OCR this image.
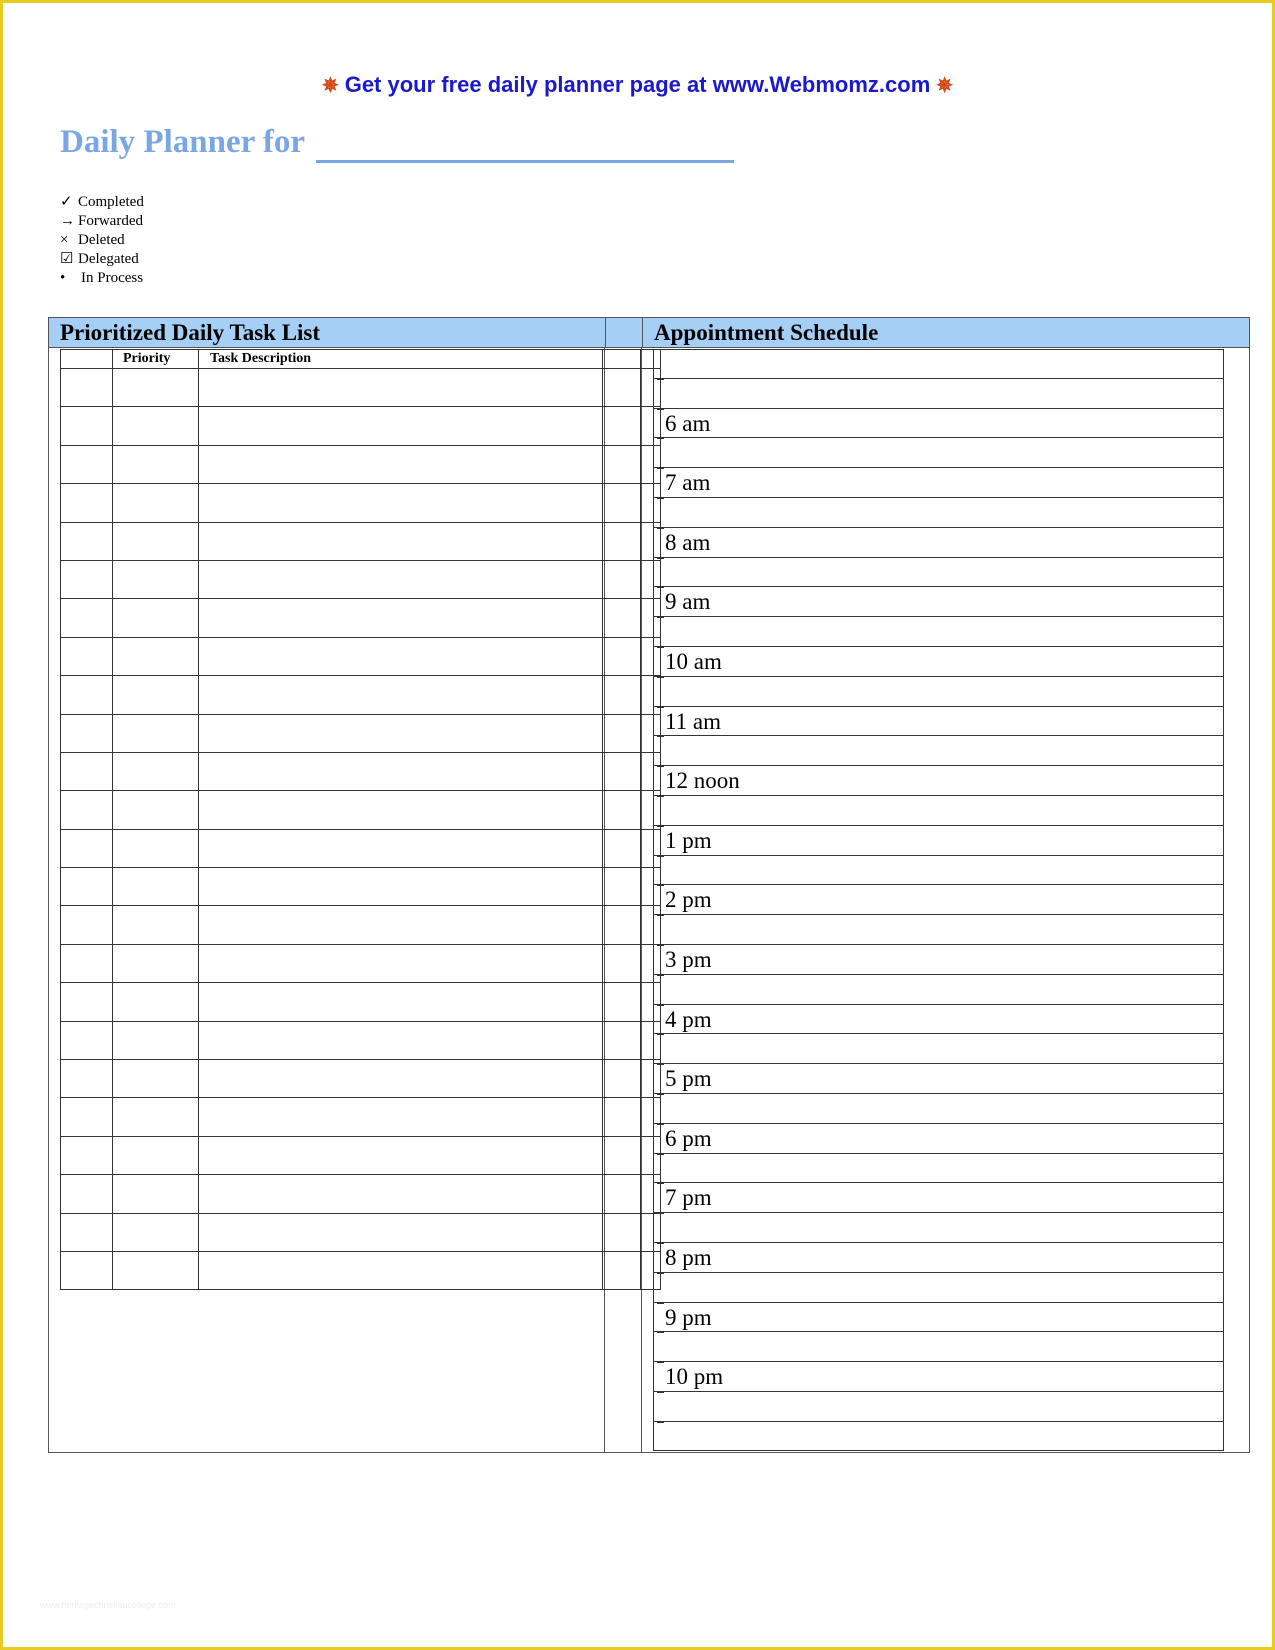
✵ Get your free daily planner page at www.Webmomz.com ✵
Daily Planner for
✓ Completed
→ Forwarded
× Deleted
☑ Delegated
• In Process
Prioritized Daily Task List	Appointment Schedule
	Priority	Task Description		

6 am
7 am
8 am
9 am
10 am
11 am
12 noon
1 pm
2 pm
3 pm
4 pm
5 pm
6 pm
7 pm
8 pm
9 pm
10 pm
www.heritagechristiancollege.com
